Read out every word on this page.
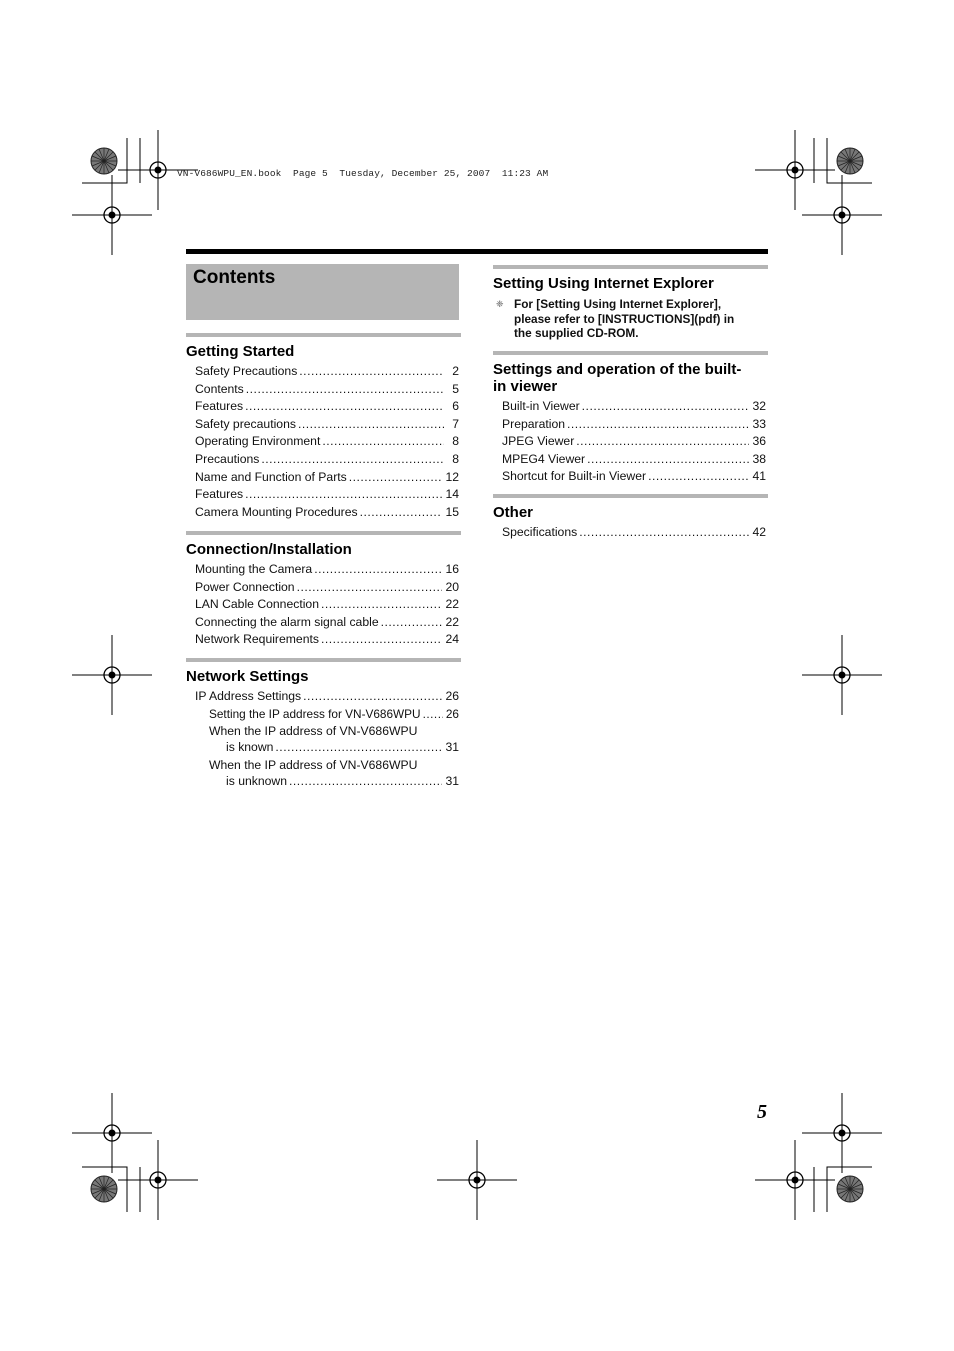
VN-V686WPU_EN.book  Page 5  Tuesday, December 25, 2007  11:23 AM
Contents
Getting Started
Safety Precautions .....	2
Contents .....	5
Features .....	6
Safety precautions .....	7
Operating Environment .....	8
Precautions .....	8
Name and Function of Parts .....	12
Features .....	14
Camera Mounting Procedures .....	15
Connection/Installation
Mounting the Camera .....	16
Power Connection .....	20
LAN Cable Connection .....	22
Connecting the alarm signal cable .....	22
Network Requirements .....	24
Network Settings
IP Address Settings .....	26
Setting the IP address for VN-V686WPU ..... 26
When the IP address of VN-V686WPU
is known .....	31
When the IP address of VN-V686WPU
is unknown .....	31
Setting Using Internet Explorer
❈ For [Setting Using Internet Explorer],
please refer to [INSTRUCTIONS](pdf) in
the supplied CD-ROM.
Settings and operation of the built-
in viewer
Built-in Viewer .....	32
Preparation .....	33
JPEG Viewer .....	36
MPEG4 Viewer .....	38
Shortcut for Built-in Viewer .....	41
Other
Specifications .....	42
5
